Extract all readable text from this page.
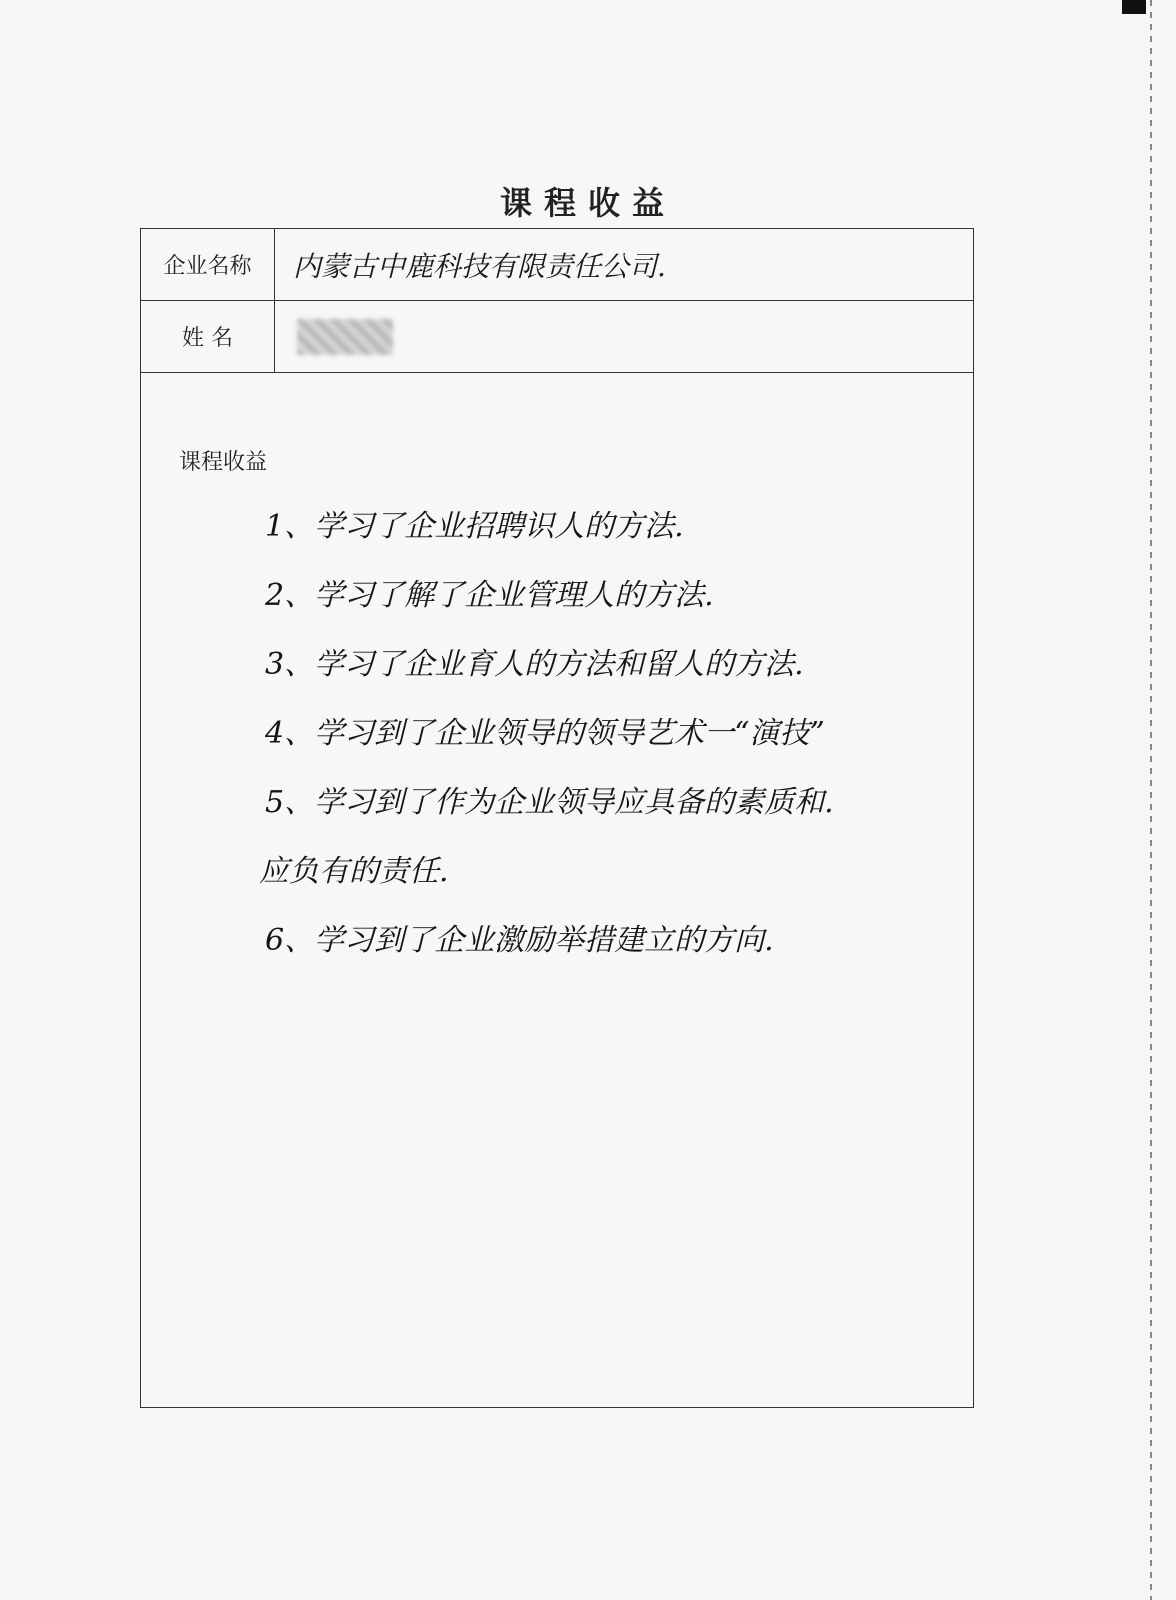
课程收益
企业名称	内蒙古中鹿科技有限责任公司.
姓 名
课程收益
1、学习了企业招聘识人的方法.
2、学习了解了企业管理人的方法.
3、学习了企业育人的方法和留人的方法.
4、学习到了企业领导的领导艺术一“演技”
5、学习到了作为企业领导应具备的素质和.
应负有的责任.
6、学习到了企业激励举措建立的方向.
